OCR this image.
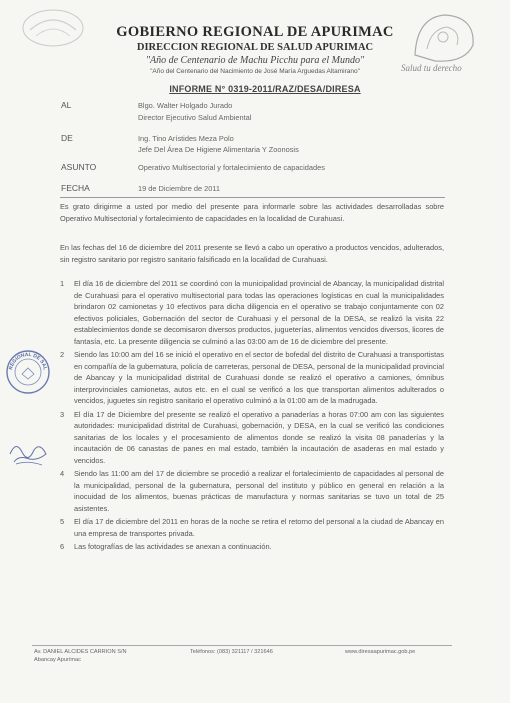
Salud tu derecho
GOBIERNO REGIONAL DE APURIMAC
DIRECCION REGIONAL DE SALUD APURIMAC
"Año de Centenario de Machu Picchu para el Mundo"
"Año del Centenario del Nacimiento de José María Arguedas Altamirano"
INFORME N° 0319-2011/RAZ/DESA/DIRESA
AL	Blgo. Walter Holgado Jurado
Director Ejecutivo Salud Ambiental
DE	Ing. Tino Arístides Meza Polo
Jefe Del Área De Higiene Alimentaria Y Zoonosis
ASUNTO	Operativo Multisectorial y fortalecimiento de capacidades
FECHA	19 de Diciembre de 2011

Es grato dirigirme a usted por medio del presente para informarle sobre las actividades desarrolladas sobre Operativo Multisectorial y fortalecimiento de capacidades en la localidad de Curahuasi.

En las fechas del 16 de diciembre del 2011 presente se llevó a cabo un operativo a productos vencidos, adulterados, sin registro sanitario por registro sanitario falsificado en la localidad de Curahuasi.

1 El día 16 de diciembre del 2011 se coordinó con la municipalidad provincial de Abancay, la municipalidad distrital de Curahuasi para el operativo multisectorial para todas las operaciones logísticas en cual la municipalidades brindaron 02 camionetas y 10 efectivos para dicha diligencia en el operativo se trabajo conjuntamente con 02 efectivos policiales, Gobernación del sector de Curahuasi y el personal de la DESA, se realizó la visita 22 establecimientos donde se decomisaron diversos productos, jugueterías, alimentos vencidos diversos, licores de fantasía, etc. La presente diligencia se culminó a las 03:00 am de 16 de diciembre del presente.
2 Siendo las 10:00 am del 16 se inició el operativo en el sector de bofedal del distrito de Curahuasi a transportistas en compañía de la gubernatura, policía de carreteras, personal de DESA, personal de la municipalidad provincial de Abancay y la municipalidad distrital de Curahuasi donde se realizó el operativo a camiones, ómnibus interprovinciales camionetas, autos etc. en el cual se verificó a los que transportan alimentos adulterados o vencidos, juguetes sin registro sanitario el operativo culminó a la 01:00 am de la madrugada.
3 El día 17 de Diciembre del presente se realizó el operativo a panaderías a horas 07:00 am con las siguientes autoridades: municipalidad distrital de Curahuasi, gobernación, y DESA, en la cual se verificó las condiciones sanitarias de los locales y el procesamiento de alimentos donde se realizó la visita 08 panaderías y la incautación de 06 canastas de panes en mal estado, también la incautación de asaderas en mal estado y vencidos.
4 Siendo las 11:00 am del 17 de diciembre se procedió a realizar el fortalecimiento de capacidades al personal de la municipalidad, personal de la gubernatura, personal del instituto y público en general en relación a la inocuidad de los alimentos, buenas prácticas de manufactura y normas sanitarias se tuvo un total de 25 asistentes.
5 El día 17 de diciembre del 2011 en horas de la noche se retira el retorno del personal a la ciudad de Abancay en una empresa de transportes privada.
6 Las fotografías de las actividades se anexan a continuación.
REGIONAL DE SAL
Av. DANIEL ALCIDES CARRION S/N
Abancay Apurímac
Teléfonos: (083) 321117 / 321646	www.diresaapurimac.gob.pe
